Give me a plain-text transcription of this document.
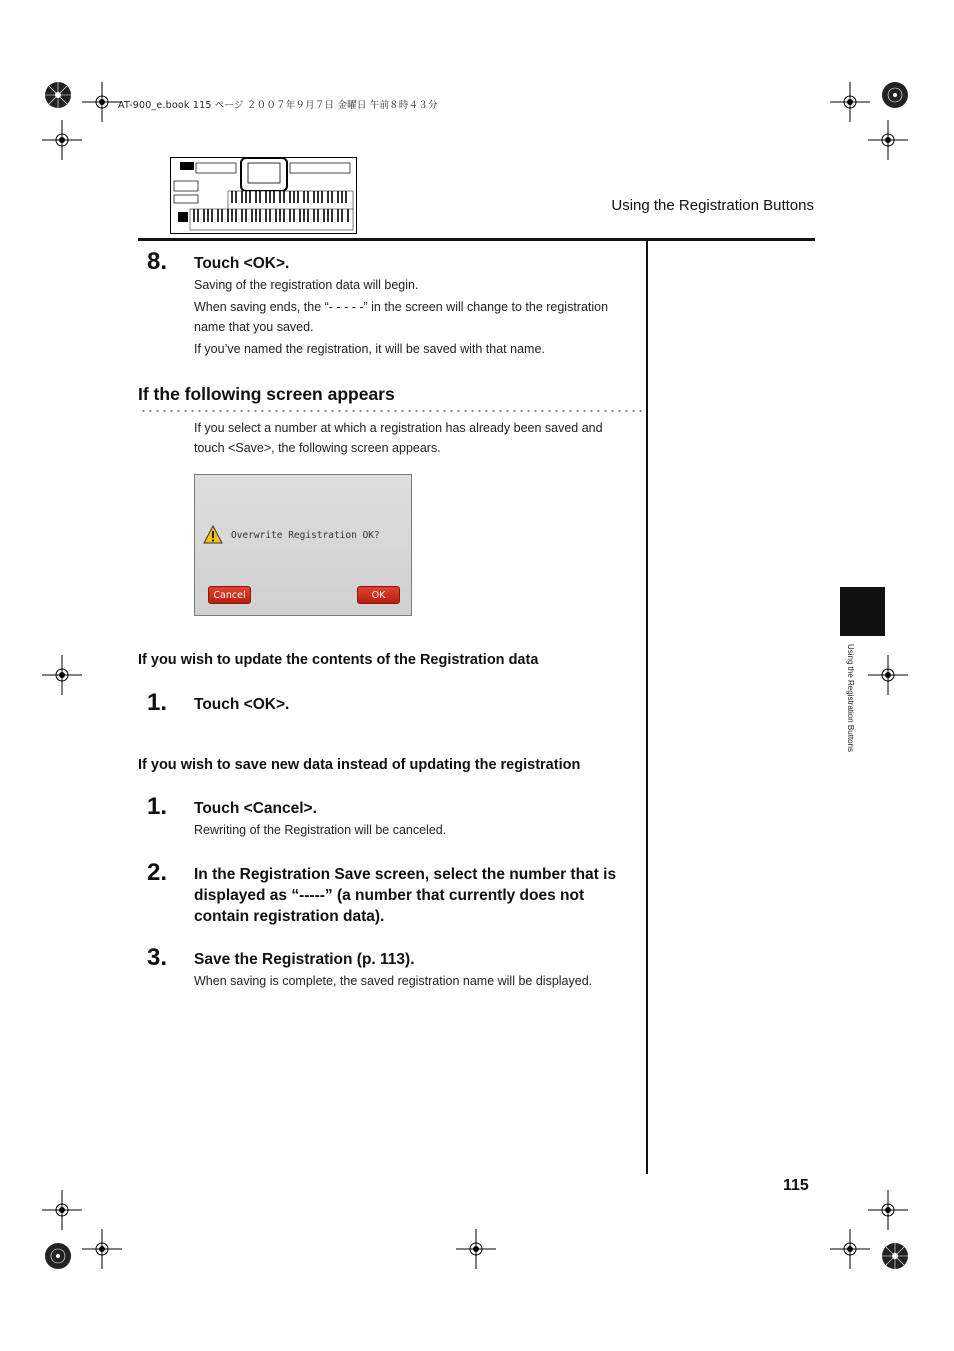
AT-900_e.book 115 ページ ２００７年９月７日 金曜日 午前８時４３分
Using the Registration Buttons
8. Touch <OK>.
Saving of the registration data will begin.
When saving ends, the “- - - - -” in the screen will change to the registration
name that you saved.
If you’ve named the registration, it will be saved with that name.
If the following screen appears
If you select a number at which a registration has already been saved and
touch <Save>, the following screen appears.
Overwrite Registration OK?
Cancel	OK
If you wish to update the contents of the Registration data
1. Touch <OK>.
If you wish to save new data instead of updating the registration
1. Touch <Cancel>.
Rewriting of the Registration will be canceled.
2. In the Registration Save screen, select the number that is
displayed as “-----” (a number that currently does not
contain registration data).
3. Save the Registration (p. 113).
When saving is complete, the saved registration name will be displayed.
Using the Registration Buttons
115
